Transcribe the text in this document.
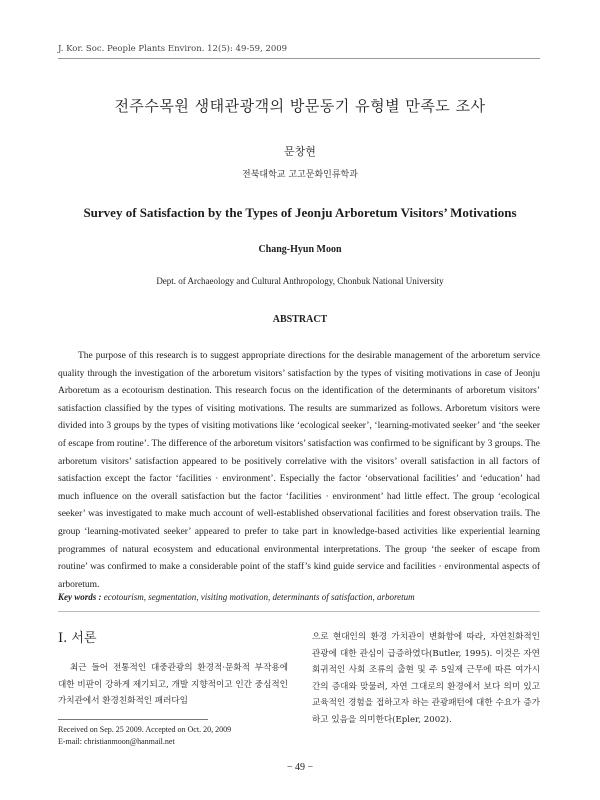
J. Kor. Soc. People Plants Environ. 12(5): 49-59, 2009
전주수목원 생태관광객의 방문동기 유형별 만족도 조사
문창현
전북대학교 고고문화인류학과
Survey of Satisfaction by the Types of Jeonju Arboretum Visitors’ Motivations
Chang-Hyun Moon
Dept. of Archaeology and Cultural Anthropology, Chonbuk National University
ABSTRACT
The purpose of this research is to suggest appropriate directions for the desirable management of the arboretum service quality through the investigation of the arboretum visitors’ satisfaction by the types of visiting motivations in case of Jeonju Arboretum as a ecotourism destination. This research focus on the identification of the determinants of arboretum visitors’ satisfaction classified by the types of visiting motivations. The results are summarized as follows. Arboretum visitors were divided into 3 groups by the types of visiting motivations like ‘ecological seeker’, ‘learning-motivated seeker’ and ‘the seeker of escape from routine’. The difference of the arboretum visitors’ satisfaction was confirmed to be significant by 3 groups. The arboretum visitors’ satisfaction appeared to be positively correlative with the visitors’ overall satisfaction in all factors of satisfaction except the factor ‘facilities · environment’. Especially the factor ‘observational facilities’ and ‘education’ had much influence on the overall satisfaction but the factor ‘facilities · environment’ had little effect. The group ‘ecological seeker’ was investigated to make much account of well-established observational facilities and forest observation trails. The group ‘learning-motivated seeker’ appeared to prefer to take part in knowledge-based activities like experiential learning programmes of natural ecosystem and educational environmental interpretations. The group ‘the seeker of escape from routine’ was confirmed to make a considerable point of the staff’s kind guide service and facilities · environmental aspects of arboretum.
Key words : ecotourism, segmentation, visiting motivation, determinants of satisfaction, arboretum
Ⅰ. 서론
최근 들어 전통적인 대중관광의 환경적·문화적 부작용에 대한 비판이 강하게 제기되고, 개발 지향적이고 인간 중심적인 가치관에서 환경친화적인 패러다임
으로 현대인의 환경 가치관이 변화함에 따라, 자연친화적인 관광에 대한 관심이 급증하였다(Butler, 1995). 이것은 자연회귀적인 사회 조류의 출현 및 주 5일제 근무에 따른 여가시간의 증대와 맞물려, 자연 그대로의 환경에서 보다 의미 있고 교육적인 경험을 접하고자 하는 관광패턴에 대한 수요가 증가하고 있음을 의미한다(Epler, 2002).
Received on Sep. 25 2009. Accepted on Oct. 20, 2009
E-mail: christianmoon@hanmail.net
− 49 −
